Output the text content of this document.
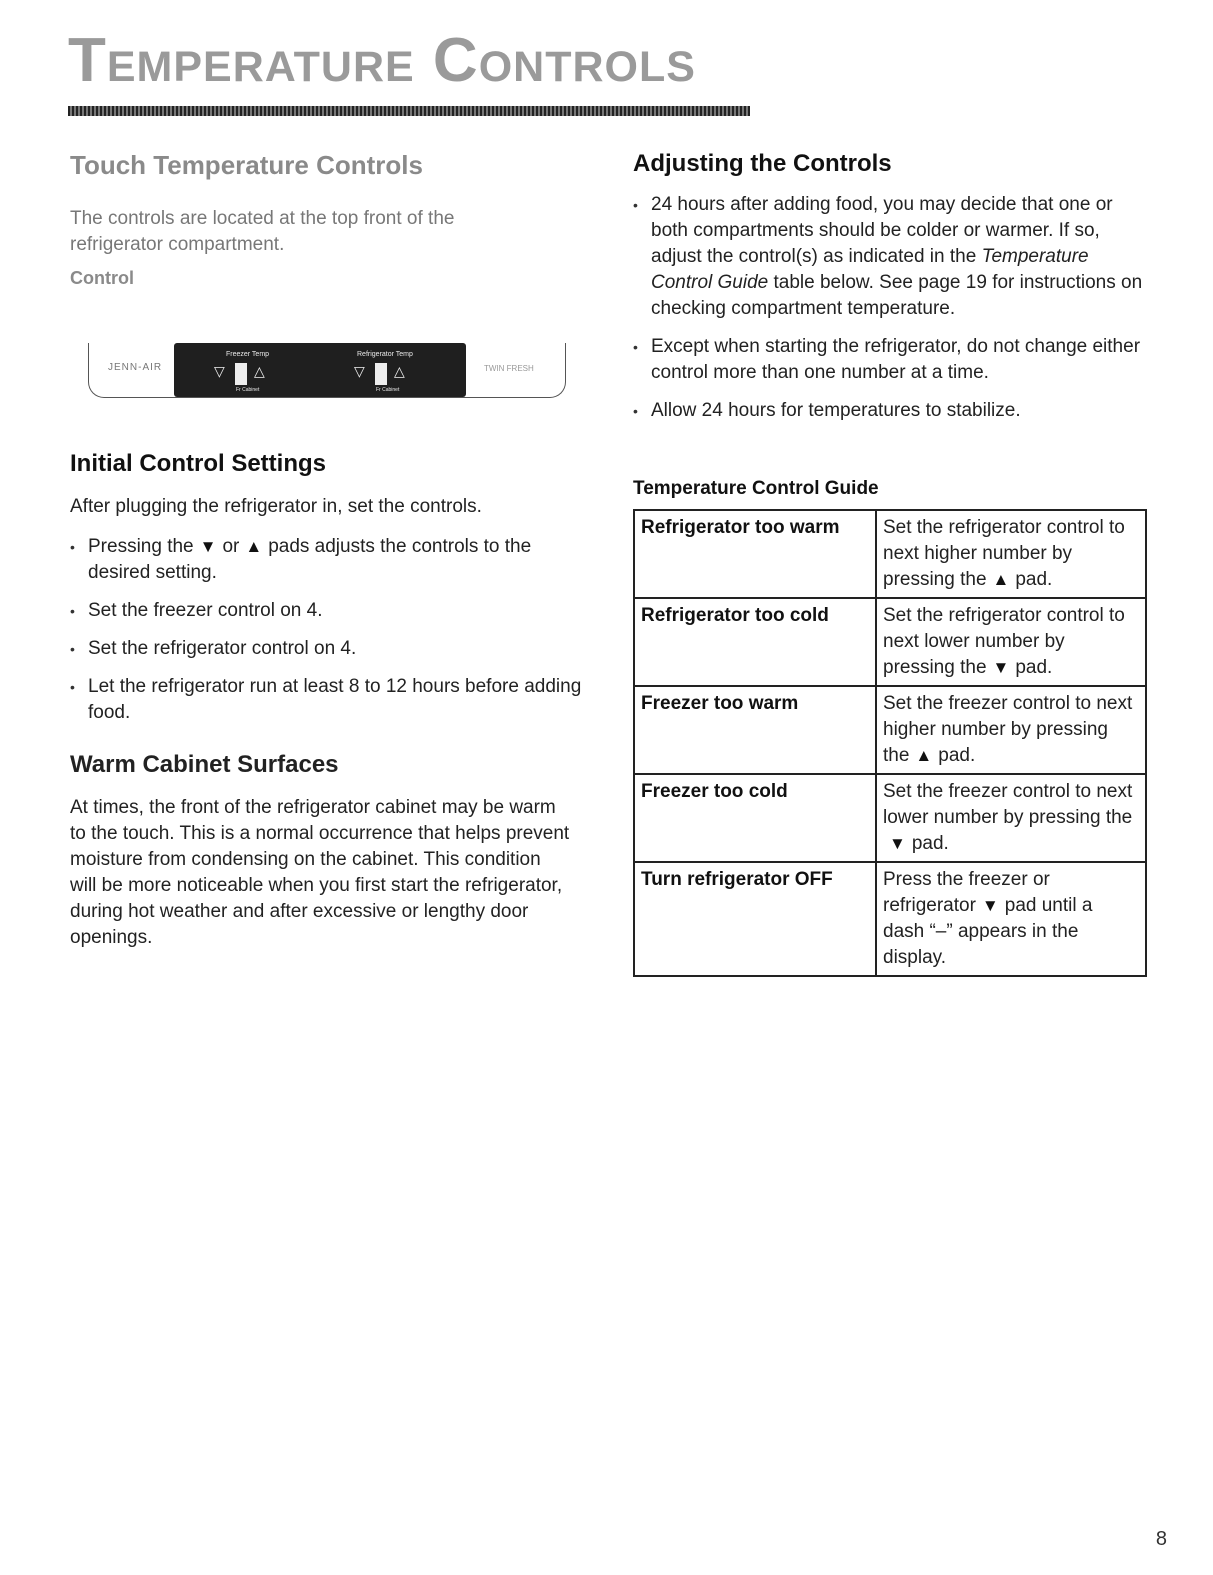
Temperature Controls
Touch Temperature Controls

The controls are located at the top front of the refrigerator compartment.

Control
JENN-AIR
Freezer Temp	Refrigerator Temp
▽ △	▽ △
Fr Cabinet	Fr Cabinet
TWIN FRESH
Initial Control Settings

After plugging the refrigerator in, set the controls.

• Pressing the ▼ or ▲ pads adjusts the controls to the desired setting.
• Set the freezer control on 4.
• Set the refrigerator control on 4.
• Let the refrigerator run at least 8 to 12 hours before adding food.
Warm Cabinet Surfaces

At times, the front of the refrigerator cabinet may be warm to the touch. This is a normal occurrence that helps prevent moisture from condensing on the cabinet. This condition will be more noticeable when you first start the refrigerator, during hot weather and after excessive or lengthy door openings.

Adjusting the Controls
• 24 hours after adding food, you may decide that one or both compartments should be colder or warmer. If so, adjust the control(s) as indicated in the Temperature Control Guide table below. See page 19 for instructions on checking compartment temperature.
• Except when starting the refrigerator, do not change either control more than one number at a time.
• Allow 24 hours for temperatures to stabilize.
Temperature Control Guide
Refrigerator too warm	Set the refrigerator control to next higher number by pressing the ▲ pad.
Refrigerator too cold	Set the refrigerator control to next lower number by pressing the ▼ pad.
Freezer too warm	Set the freezer control to next higher number by pressing the ▲ pad.
Freezer too cold	Set the freezer control to next lower number by pressing the▼ pad.
Turn refrigerator OFF	Press the freezer or refrigerator ▼ pad until a dash “–” appears in the display.
8
